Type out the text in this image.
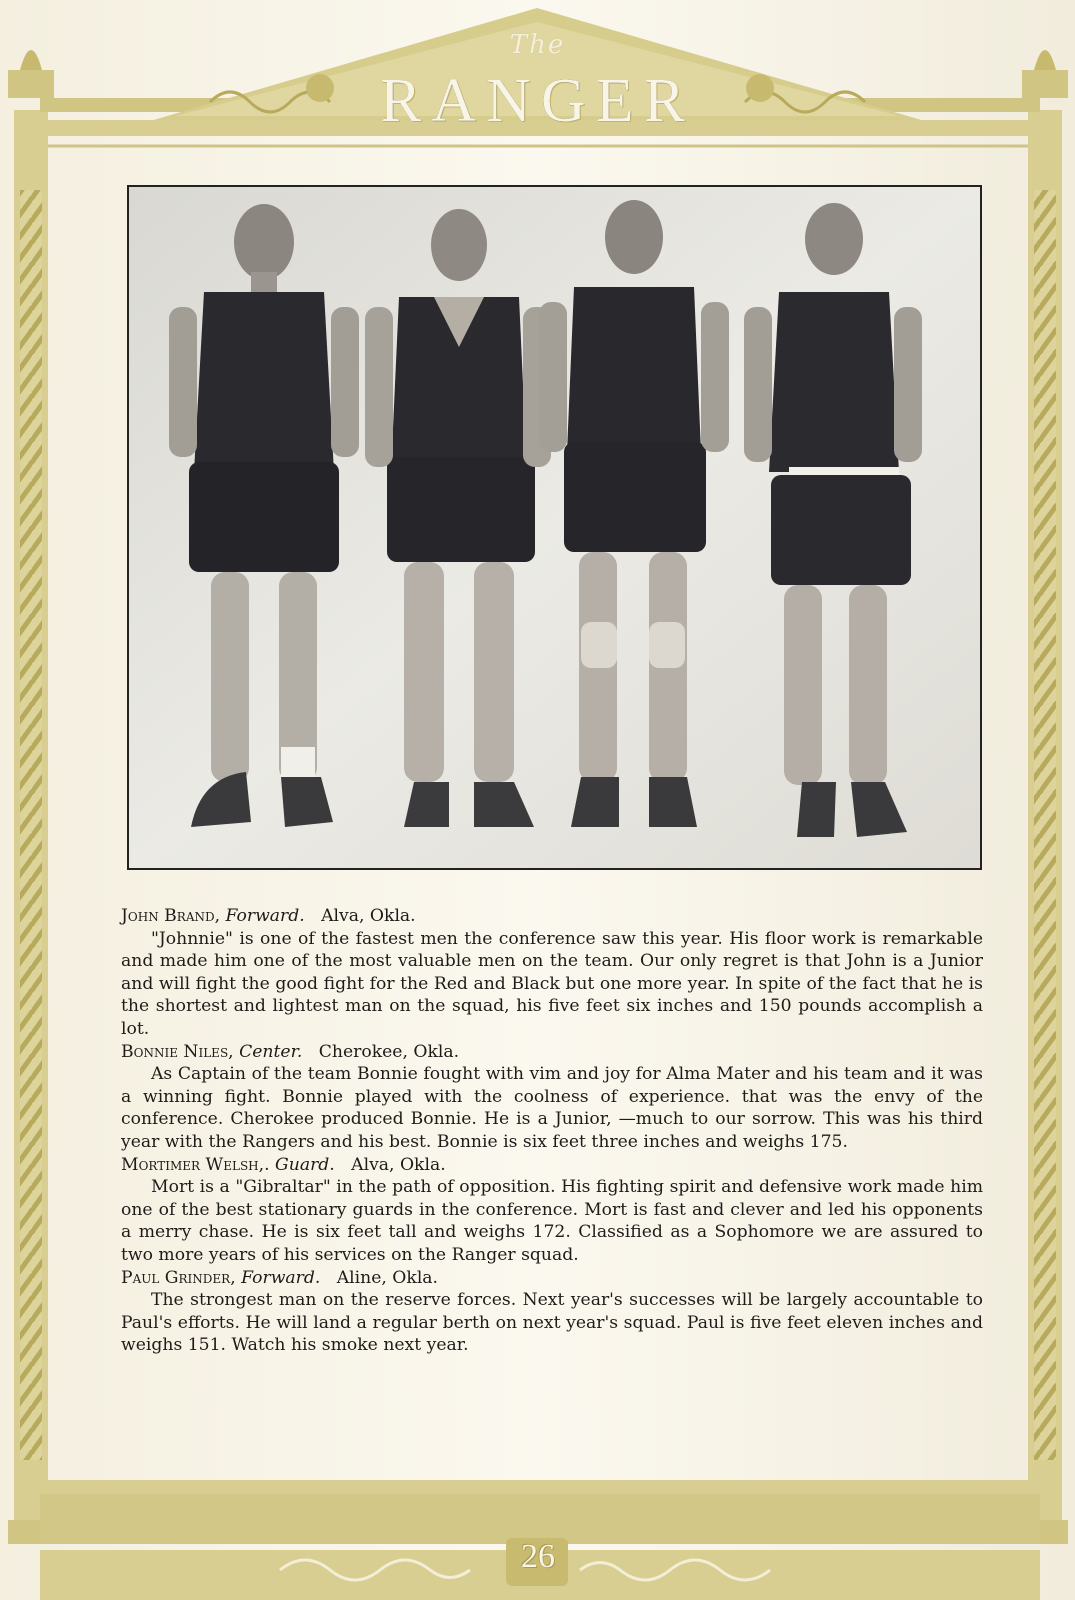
The
RANGER

John Brand, Forward. Alva, Okla.

"Johnnie" is one of the fastest men the conference saw this year. His floor work is remarkable and made him one of the most valuable men on the team. Our only regret is that John is a Junior and will fight the good fight for the Red and Black but one more year. In spite of the fact that he is the shortest and lightest man on the squad, his five feet six inches and 150 pounds accomplish a lot.

Bonnie Niles, Center. Cherokee, Okla.

As Captain of the team Bonnie fought with vim and joy for Alma Mater and his team and it was a winning fight. Bonnie played with the coolness of experience. that was the envy of the conference. Cherokee produced Bonnie. He is a Junior, —much to our sorrow. This was his third year with the Rangers and his best. Bonnie is six feet three inches and weighs 175.

Mortimer Welsh,. Guard. Alva, Okla.

Mort is a "Gibraltar" in the path of opposition. His fighting spirit and defensive work made him one of the best stationary guards in the conference. Mort is fast and clever and led his opponents a merry chase. He is six feet tall and weighs 172. Classified as a Sophomore we are assured to two more years of his services on the Ranger squad.

Paul Grinder, Forward. Aline, Okla.

The strongest man on the reserve forces. Next year's successes will be largely accountable to Paul's efforts. He will land a regular berth on next year's squad. Paul is five feet eleven inches and weighs 151. Watch his smoke next year.

26
